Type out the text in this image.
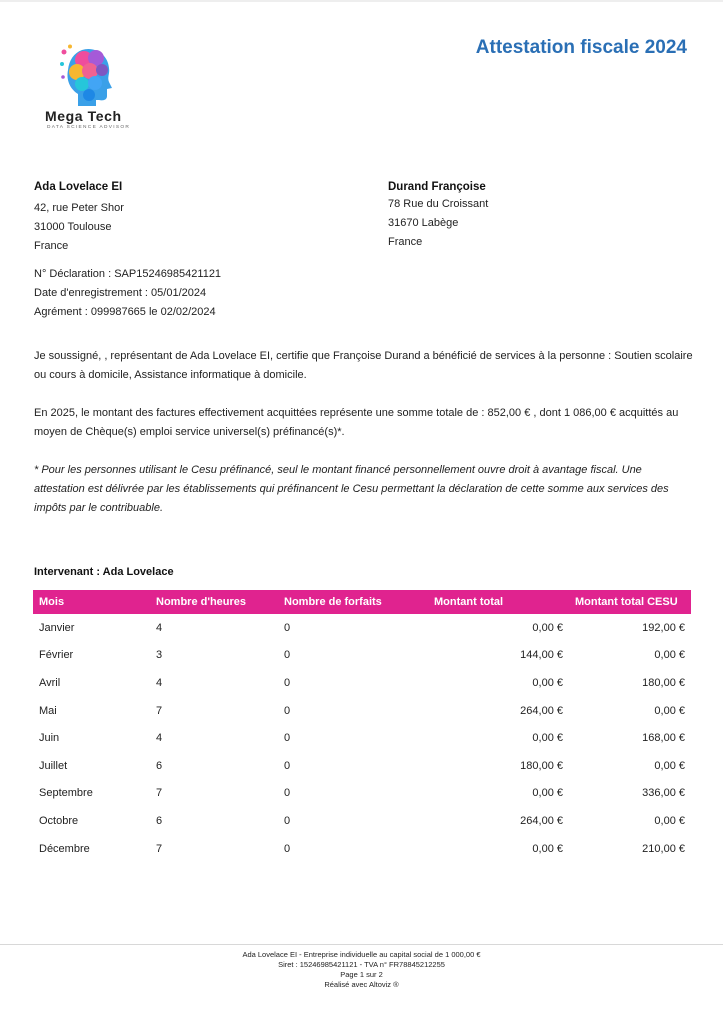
Attestation fiscale 2024
Mega Tech
DATA SCIENCE ADVISOR
Ada Lovelace EI
42, rue Peter Shor
31000 Toulouse
France
Durand Françoise
78 Rue du Croissant
31670 Labège
France
N° Déclaration : SAP15246985421121
Date d'enregistrement : 05/01/2024
Agrément : 099987665 le 02/02/2024

Je soussigné, , représentant de Ada Lovelace EI, certifie que Françoise Durand a bénéficié de services à la personne : Soutien scolaire ou cours à domicile, Assistance informatique à domicile.

En 2025, le montant des factures effectivement acquittées représente une somme totale de : 852,00 € , dont 1 086,00 € acquittés au moyen de Chèque(s) emploi service universel(s) préfinancé(s)*.

* Pour les personnes utilisant le Cesu préfinancé, seul le montant financé personnellement ouvre droit à avantage fiscal. Une attestation est délivrée par les établissements qui préfinancent le Cesu permettant la déclaration de cette somme aux services des impôts par le contribuable.

Intervenant : Ada Lovelace
Mois	Nombre d'heures	Nombre de forfaits	Montant total	Montant total CESU
Janvier	4	0	0,00 €	192,00 €
Février	3	0	144,00 €	0,00 €
Avril	4	0	0,00 €	180,00 €
Mai	7	0	264,00 €	0,00 €
Juin	4	0	0,00 €	168,00 €
Juillet	6	0	180,00 €	0,00 €
Septembre	7	0	0,00 €	336,00 €
Octobre	6	0	264,00 €	0,00 €
Décembre	7	0	0,00 €	210,00 €
Ada Lovelace EI - Entreprise individuelle au capital social de 1 000,00 €
Siret : 15246985421121 - TVA n° FR78845212255
Page 1 sur 2
Réalisé avec Altoviz ®
